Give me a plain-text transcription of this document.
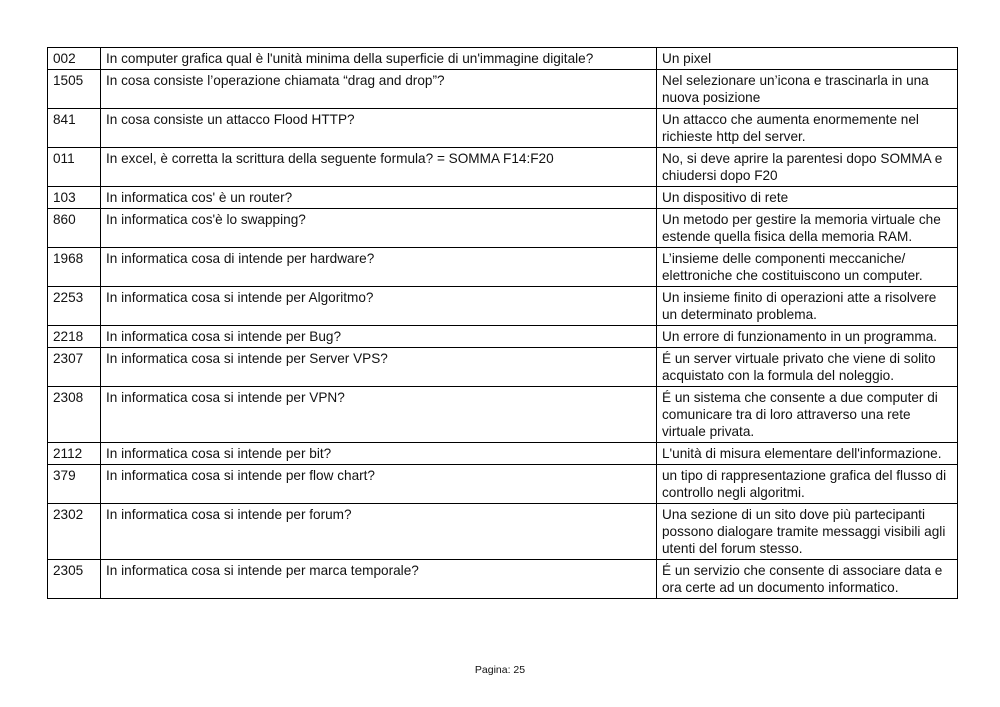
002	In computer grafica qual è l'unità minima della superficie di un'immagine digitale?	Un pixel
1505	In cosa consiste l’operazione chiamata “drag and drop”?	Nel selezionare un’icona e trascinarla in una nuova posizione
841	In cosa consiste un attacco Flood HTTP?	Un attacco che aumenta enormemente nel richieste http del server.
011	In excel, è corretta la scrittura della seguente formula? = SOMMA F14:F20	No, si deve aprire la parentesi dopo SOMMA e chiudersi dopo F20
103	In informatica cos' è un router?	Un dispositivo di rete
860	In informatica cos'è lo swapping?	Un metodo per gestire la memoria virtuale che estende quella fisica della memoria RAM.
1968	In informatica cosa di intende per hardware?	L’insieme delle componenti meccaniche/ elettroniche che costituiscono un computer.
2253	In informatica cosa si intende per Algoritmo?	Un insieme finito di operazioni atte a risolvere un determinato problema.
2218	In informatica cosa si intende per Bug?	Un errore di funzionamento in un programma.
2307	In informatica cosa si intende per Server VPS?	É un server virtuale privato che viene di solito acquistato con la formula del noleggio.
2308	In informatica cosa si intende per VPN?	É un sistema che consente a due computer di comunicare tra di loro attraverso una rete virtuale privata.
2112	In informatica cosa si intende per bit?	L'unità di misura elementare dell'informazione.
379	In informatica cosa si intende per flow chart?	un tipo di rappresentazione grafica del flusso di controllo negli algoritmi.
2302	In informatica cosa si intende per forum?	Una sezione di un sito dove più partecipanti possono dialogare tramite messaggi visibili agli utenti del forum stesso.
2305	In informatica cosa si intende per marca temporale?	É un servizio che consente di associare data e ora certe ad un documento informatico.
Pagina: 25
